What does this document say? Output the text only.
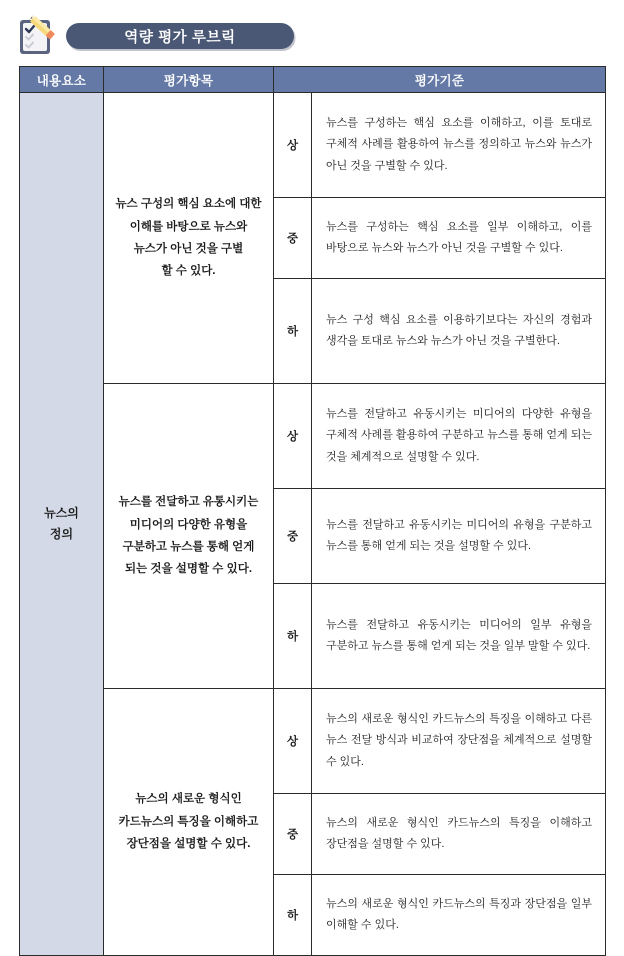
역량 평가 루브릭
내용요소	평가항목	평가기준	
뉴스의
정의	뉴스 구성의 핵심 요소에 대한
이해를 바탕으로 뉴스와
뉴스가 아닌 것을 구별
할 수 있다.	상	뉴스를 구성하는 핵심 요소를 이해하고, 이를 토대로 구체적 사례를 활용하여 뉴스를 정의하고 뉴스와 뉴스가 아닌 것을 구별할 수 있다.
		중	뉴스를 구성하는 핵심 요소를 일부 이해하고, 이를 바탕으로 뉴스와 뉴스가 아닌 것을 구별할 수 있다.
		하	뉴스 구성 핵심 요소를 이용하기보다는 자신의 경험과 생각을 토대로 뉴스와 뉴스가 아닌 것을 구별한다.
	뉴스를 전달하고 유통시키는
미디어의 다양한 유형을
구분하고 뉴스를 통해 얻게
되는 것을 설명할 수 있다.	상	뉴스를 전달하고 유동시키는 미디어의 다양한 유형을 구체적 사례를 활용하여 구분하고 뉴스를 통해 얻게 되는 것을 체계적으로 설명할 수 있다.
		중	뉴스를 전달하고 유동시키는 미디어의 유형을 구분하고 뉴스를 통해 얻게 되는 것을 설명할 수 있다.
		하	뉴스를 전달하고 유동시키는 미디어의 일부 유형을 구분하고 뉴스를 통해 얻게 되는 것을 일부 말할 수 있다.
	뉴스의 새로운 형식인
카드뉴스의 특징을 이해하고
장단점을 설명할 수 있다.	상	뉴스의 새로운 형식인 카드뉴스의 특징을 이해하고 다른 뉴스 전달 방식과 비교하여 장단점을 체계적으로 설명할 수 있다.
		중	뉴스의 새로운 형식인 카드뉴스의 특징을 이해하고 장단점을 설명할 수 있다.
		하	뉴스의 새로운 형식인 카드뉴스의 특징과 장단점을 일부 이해할 수 있다.
